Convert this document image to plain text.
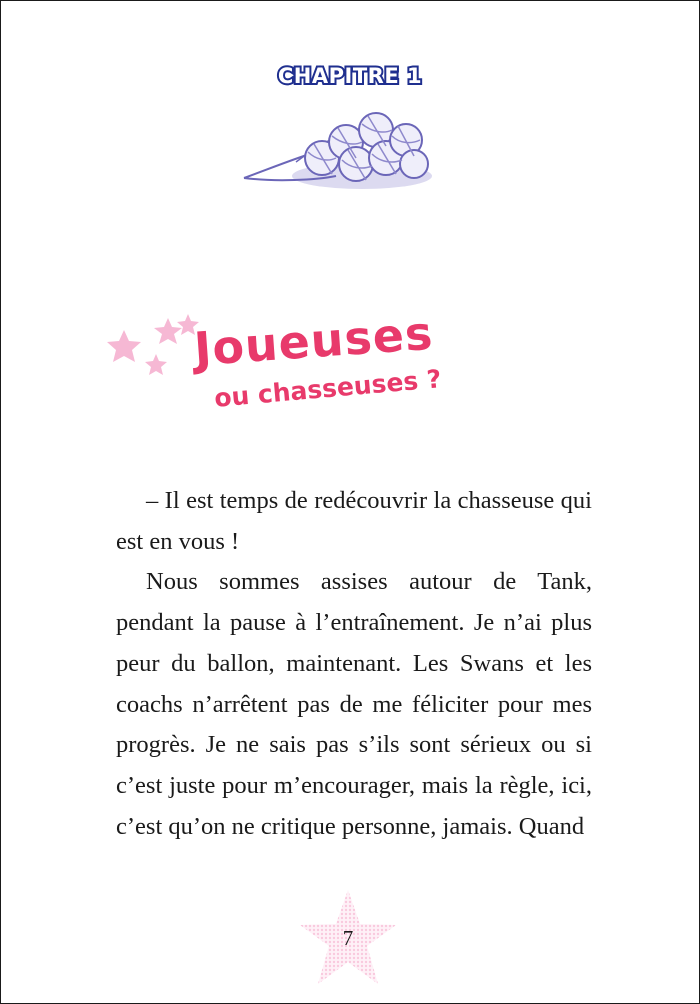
CHAPITRE 1
Joueuses
ou chasseuses ?

– Il est temps de redécouvrir la chasseuse qui est en vous !

Nous sommes assises autour de Tank, pendant la pause à l’entraînement. Je n’ai plus peur du ballon, maintenant. Les Swans et les coachs n’arrêtent pas de me féliciter pour mes progrès. Je ne sais pas s’ils sont sérieux ou si c’est juste pour m’encourager, mais la règle, ici, c’est qu’on ne critique personne, jamais. Quand

7
